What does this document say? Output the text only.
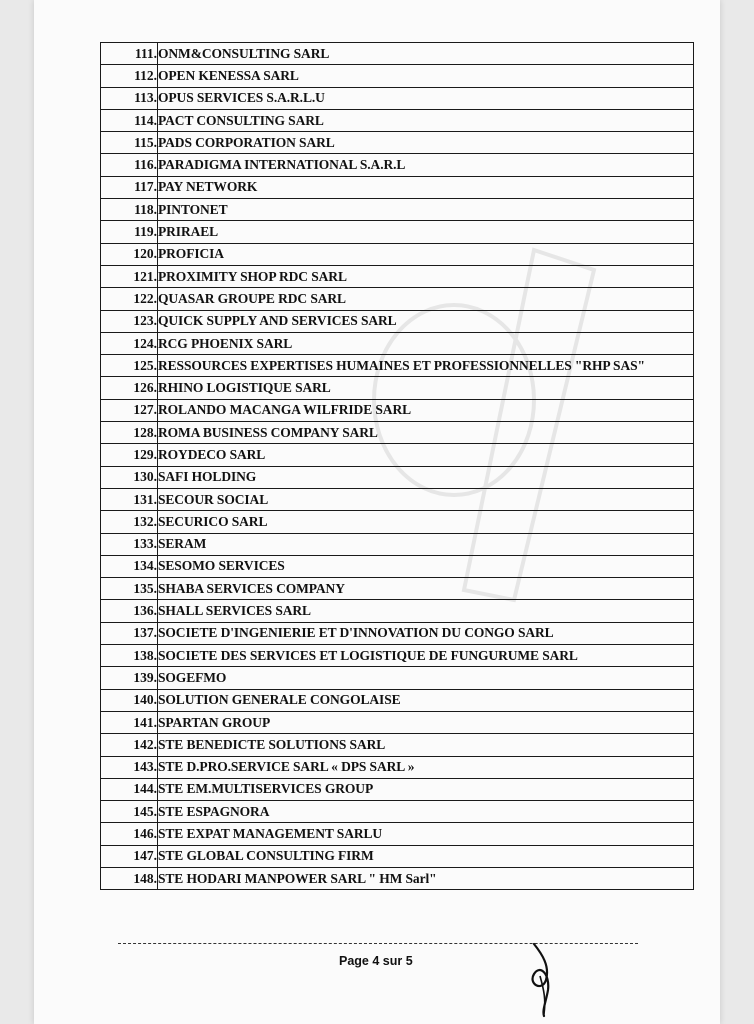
111.	ONM&CONSULTING SARL
112.	OPEN KENESSA SARL
113.	OPUS SERVICES S.A.R.L.U
114.	PACT CONSULTING SARL
115.	PADS CORPORATION SARL
116.	PARADIGMA INTERNATIONAL S.A.R.L
117.	PAY NETWORK
118.	PINTONET
119.	PRIRAEL
120.	PROFICIA
121.	PROXIMITY SHOP RDC SARL
122.	QUASAR GROUPE RDC SARL
123.	QUICK SUPPLY AND SERVICES SARL
124.	RCG PHOENIX SARL
125.	RESSOURCES EXPERTISES HUMAINES ET PROFESSIONNELLES "RHP SAS"
126.	RHINO LOGISTIQUE SARL
127.	ROLANDO MACANGA WILFRIDE SARL
128.	ROMA BUSINESS COMPANY SARL
129.	ROYDECO SARL
130.	SAFI HOLDING
131.	SECOUR SOCIAL
132.	SECURICO SARL
133.	SERAM
134.	SESOMO SERVICES
135.	SHABA SERVICES COMPANY
136.	SHALL SERVICES SARL
137.	SOCIETE D'INGENIERIE ET D'INNOVATION DU CONGO SARL
138.	SOCIETE DES SERVICES ET LOGISTIQUE DE FUNGURUME SARL
139.	SOGEFMO
140.	SOLUTION GENERALE CONGOLAISE
141.	SPARTAN GROUP
142.	STE BENEDICTE SOLUTIONS SARL
143.	STE D.PRO.SERVICE SARL « DPS SARL »
144.	STE EM.MULTISERVICES GROUP
145.	STE ESPAGNORA
146.	STE EXPAT MANAGEMENT SARLU
147.	STE GLOBAL CONSULTING FIRM
148.	STE HODARI MANPOWER SARL " HM Sarl"
Page 4 sur 5
